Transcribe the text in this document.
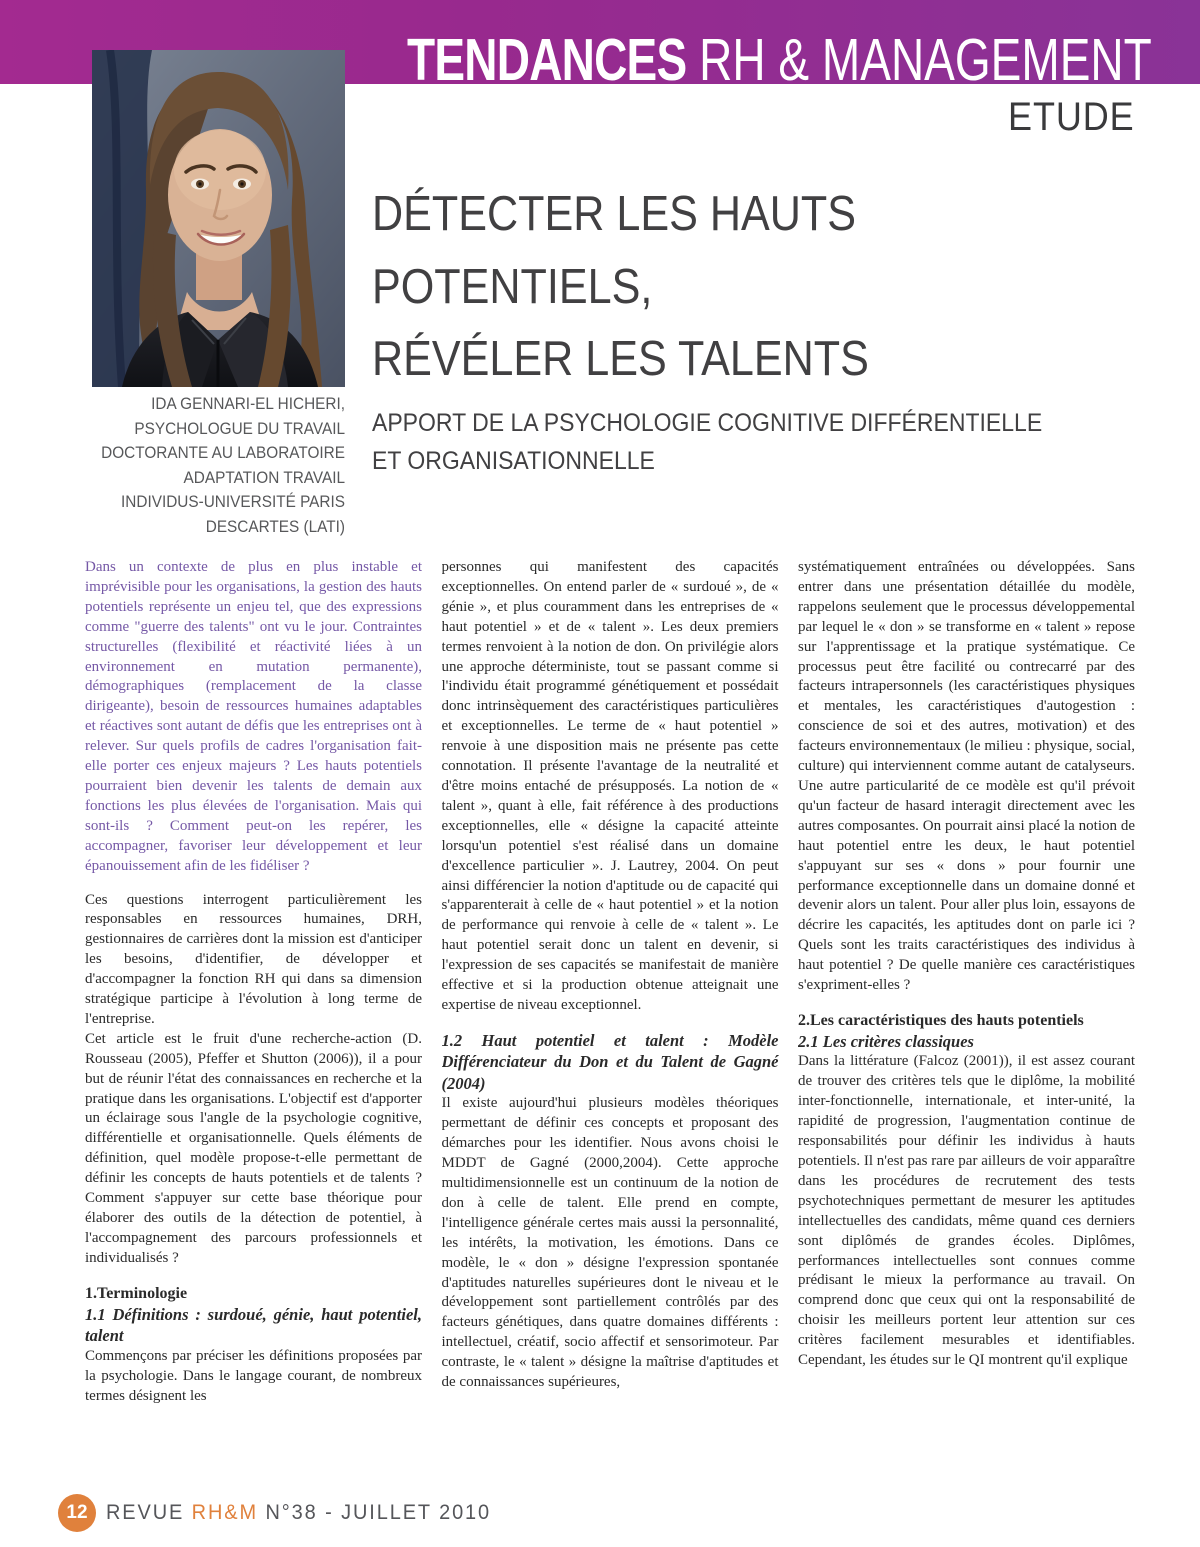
TENDANCES RH & MANAGEMENT
ETUDE
IDA GENNARI-EL HICHERI,
PSYCHOLOGUE DU TRAVAIL
DOCTORANTE AU LABORATOIRE
ADAPTATION TRAVAIL
INDIVIDUS-UNIVERSITÉ PARIS
DESCARTES (LATI)
DÉTECTER LES HAUTS
POTENTIELS,
RÉVÉLER LES TALENTS
APPORT DE LA PSYCHOLOGIE COGNITIVE DIFFÉRENTIELLE
ET ORGANISATIONNELLE

Dans un contexte de plus en plus instable et imprévisible pour les organisations, la gestion des hauts potentiels représente un enjeu tel, que des expressions comme "guerre des talents" ont vu le jour. Contraintes structurelles (flexibilité et réactivité liées à un environnement en mutation permanente), démographiques (remplacement de la classe dirigeante), besoin de ressources humaines adaptables et réactives sont autant de défis que les entreprises ont à relever. Sur quels profils de cadres l'organisation fait-elle porter ces enjeux majeurs ? Les hauts potentiels pourraient bien devenir les talents de demain aux fonctions les plus élevées de l'organisation. Mais qui sont-ils ? Comment peut-on les repérer, les accompagner, favoriser leur développement et leur épanouissement afin de les fidéliser ?

Ces questions interrogent particulièrement les responsables en ressources humaines, DRH, gestionnaires de carrières dont la mission est d'anticiper les besoins, d'identifier, de développer et d'accompagner la fonction RH qui dans sa dimension stratégique participe à l'évolution à long terme de l'entreprise.

Cet article est le fruit d'une recherche-action (D. Rousseau (2005), Pfeffer et Shutton (2006)), il a pour but de réunir l'état des connaissances en recherche et la pratique dans les organisations. L'objectif est d'apporter un éclairage sous l'angle de la psychologie cognitive, différentielle et organisationnelle. Quels éléments de définition, quel modèle propose-t-elle permettant de définir les concepts de hauts potentiels et de talents ? Comment s'appuyer sur cette base théorique pour élaborer des outils de la détection de potentiel, à l'accompagnement des parcours professionnels et individualisés ?

1.Terminologie

1.1 Définitions : surdoué, génie, haut potentiel, talent

Commençons par préciser les définitions proposées par la psychologie. Dans le langage courant, de nombreux termes désignent les

personnes qui manifestent des capacités exceptionnelles. On entend parler de « surdoué », de « génie », et plus couramment dans les entreprises de « haut potentiel » et de « talent ». Les deux premiers termes renvoient à la notion de don. On privilégie alors une approche déterministe, tout se passant comme si l'individu était programmé génétiquement et possédait donc intrinsèquement des caractéristiques particulières et exceptionnelles. Le terme de « haut potentiel » renvoie à une disposition mais ne présente pas cette connotation. Il présente l'avantage de la neutralité et d'être moins entaché de présupposés. La notion de « talent », quant à elle, fait référence à des productions exceptionnelles, elle « désigne la capacité atteinte lorsqu'un potentiel s'est réalisé dans un domaine d'excellence particulier ». J. Lautrey, 2004. On peut ainsi différencier la notion d'aptitude ou de capacité qui s'apparenterait à celle de « haut potentiel » et la notion de performance qui renvoie à celle de « talent ». Le haut potentiel serait donc un talent en devenir, si l'expression de ses capacités se manifestait de manière effective et si la production obtenue atteignait une expertise de niveau exceptionnel.

1.2 Haut potentiel et talent : Modèle Différenciateur du Don et du Talent de Gagné (2004)

Il existe aujourd'hui plusieurs modèles théoriques permettant de définir ces concepts et proposant des démarches pour les identifier. Nous avons choisi le MDDT de Gagné (2000,2004). Cette approche multidimensionnelle est un continuum de la notion de don à celle de talent. Elle prend en compte, l'intelligence générale certes mais aussi la personnalité, les intérêts, la motivation, les émotions. Dans ce modèle, le « don » désigne l'expression spontanée d'aptitudes naturelles supérieures dont le niveau et le développement sont partiellement contrôlés par des facteurs génétiques, dans quatre domaines différents : intellectuel, créatif, socio affectif et sensorimoteur. Par contraste, le « talent » désigne la maîtrise d'aptitudes et de connaissances supérieures,

systématiquement entraînées ou développées. Sans entrer dans une présentation détaillée du modèle, rappelons seulement que le processus développemental par lequel le « don » se transforme en « talent » repose sur l'apprentissage et la pratique systématique. Ce processus peut être facilité ou contrecarré par des facteurs intrapersonnels (les caractéristiques physiques et mentales, les caractéristiques d'autogestion : conscience de soi et des autres, motivation) et des facteurs environnementaux (le milieu : physique, social, culture) qui interviennent comme autant de catalyseurs. Une autre particularité de ce modèle est qu'il prévoit qu'un facteur de hasard interagit directement avec les autres composantes. On pourrait ainsi placé la notion de haut potentiel entre les deux, le haut potentiel s'appuyant sur ses « dons » pour fournir une performance exceptionnelle dans un domaine donné et devenir alors un talent. Pour aller plus loin, essayons de décrire les capacités, les aptitudes dont on parle ici ? Quels sont les traits caractéristiques des individus à haut potentiel ? De quelle manière ces caractéristiques s'expriment-elles ?

2.Les caractéristiques des hauts potentiels

2.1 Les critères classiques

Dans la littérature (Falcoz (2001)), il est assez courant de trouver des critères tels que le diplôme, la mobilité inter-fonctionnelle, internationale, et inter-unité, la rapidité de progression, l'augmentation continue de responsabilités pour définir les individus à hauts potentiels. Il n'est pas rare par ailleurs de voir apparaître dans les procédures de recrutement des tests psychotechniques permettant de mesurer les aptitudes intellectuelles des candidats, même quand ces derniers sont diplômés de grandes écoles. Diplômes, performances intellectuelles sont connues comme prédisant le mieux la performance au travail. On comprend donc que ceux qui ont la responsabilité de choisir les meilleurs portent leur attention sur ces critères facilement mesurables et identifiables. Cependant, les études sur le QI montrent qu'il explique

12 REVUE RH&M N°38 - JUILLET 2010
